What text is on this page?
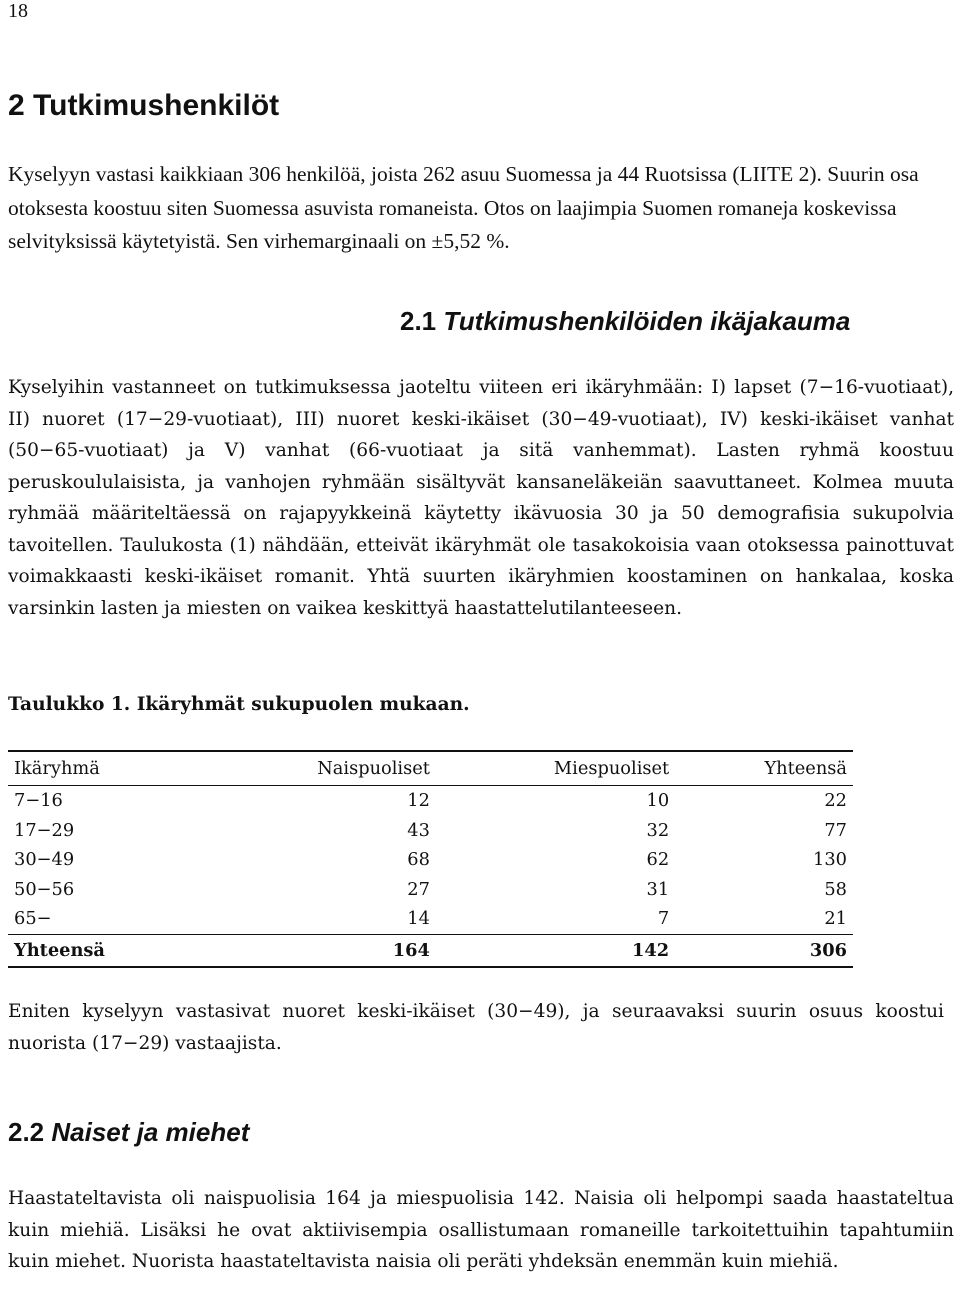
18
2 Tutkimushenkilöt

Kyselyyn vastasi kaikkiaan 306 henkilöä, joista 262 asuu Suomessa ja 44 Ruotsissa (LIITE 2). Suurin osa otoksesta koostuu siten Suomessa asuvista romaneista. Otos on laajimpia Suomen romaneja koskevissa selvityksissä käytetyistä. Sen virhemarginaali on ±5,52 %.

2.1 Tutkimushenkilöiden ikäjakauma

Kyselyihin vastanneet on tutkimuksessa jaoteltu viiteen eri ikäryhmään: I) lapset (7−16-vuotiaat), II) nuoret (17−29-vuotiaat), III) nuoret keski-ikäiset (30−49-vuotiaat), IV) keski-ikäiset vanhat (50−65-vuotiaat) ja V) vanhat (66-vuotiaat ja sitä vanhemmat). Lasten ryhmä koostuu peruskoululaisista, ja vanhojen ryhmään sisältyvät kansaneläkeiän saavuttaneet. Kolmea muuta ryhmää määriteltäessä on rajapyykkeinä käytetty ikävuosia 30 ja 50 demografisia sukupolvia tavoitellen. Taulukosta (1) nähdään, etteivät ikäryhmät ole tasakokoisia vaan otoksessa painottuvat voimakkaasti keski-ikäiset romanit. Yhtä suurten ikäryhmien koostaminen on hankalaa, koska varsinkin lasten ja miesten on vaikea keskittyä haastattelutilanteeseen.

Taulukko 1. Ikäryhmät sukupuolen mukaan.

Ikäryhmä	Naispuoliset	Miespuoliset	Yhteensä
7−16	12	10	22
17−29	43	32	77
30−49	68	62	130
50−56	27	31	58
65−	14	7	21
Yhteensä	164	142	306

Eniten kyselyyn vastasivat nuoret keski-ikäiset (30−49), ja seuraavaksi suurin osuus koostui nuorista (17−29) vastaajista.

2.2 Naiset ja miehet

Haastateltavista oli naispuolisia 164 ja miespuolisia 142. Naisia oli helpompi saada haastateltua kuin miehiä. Lisäksi he ovat aktiivisempia osallistumaan romaneille tarkoitettuihin tapahtumiin kuin miehet. Nuorista haastateltavista naisia oli peräti yhdeksän enemmän kuin miehiä.
